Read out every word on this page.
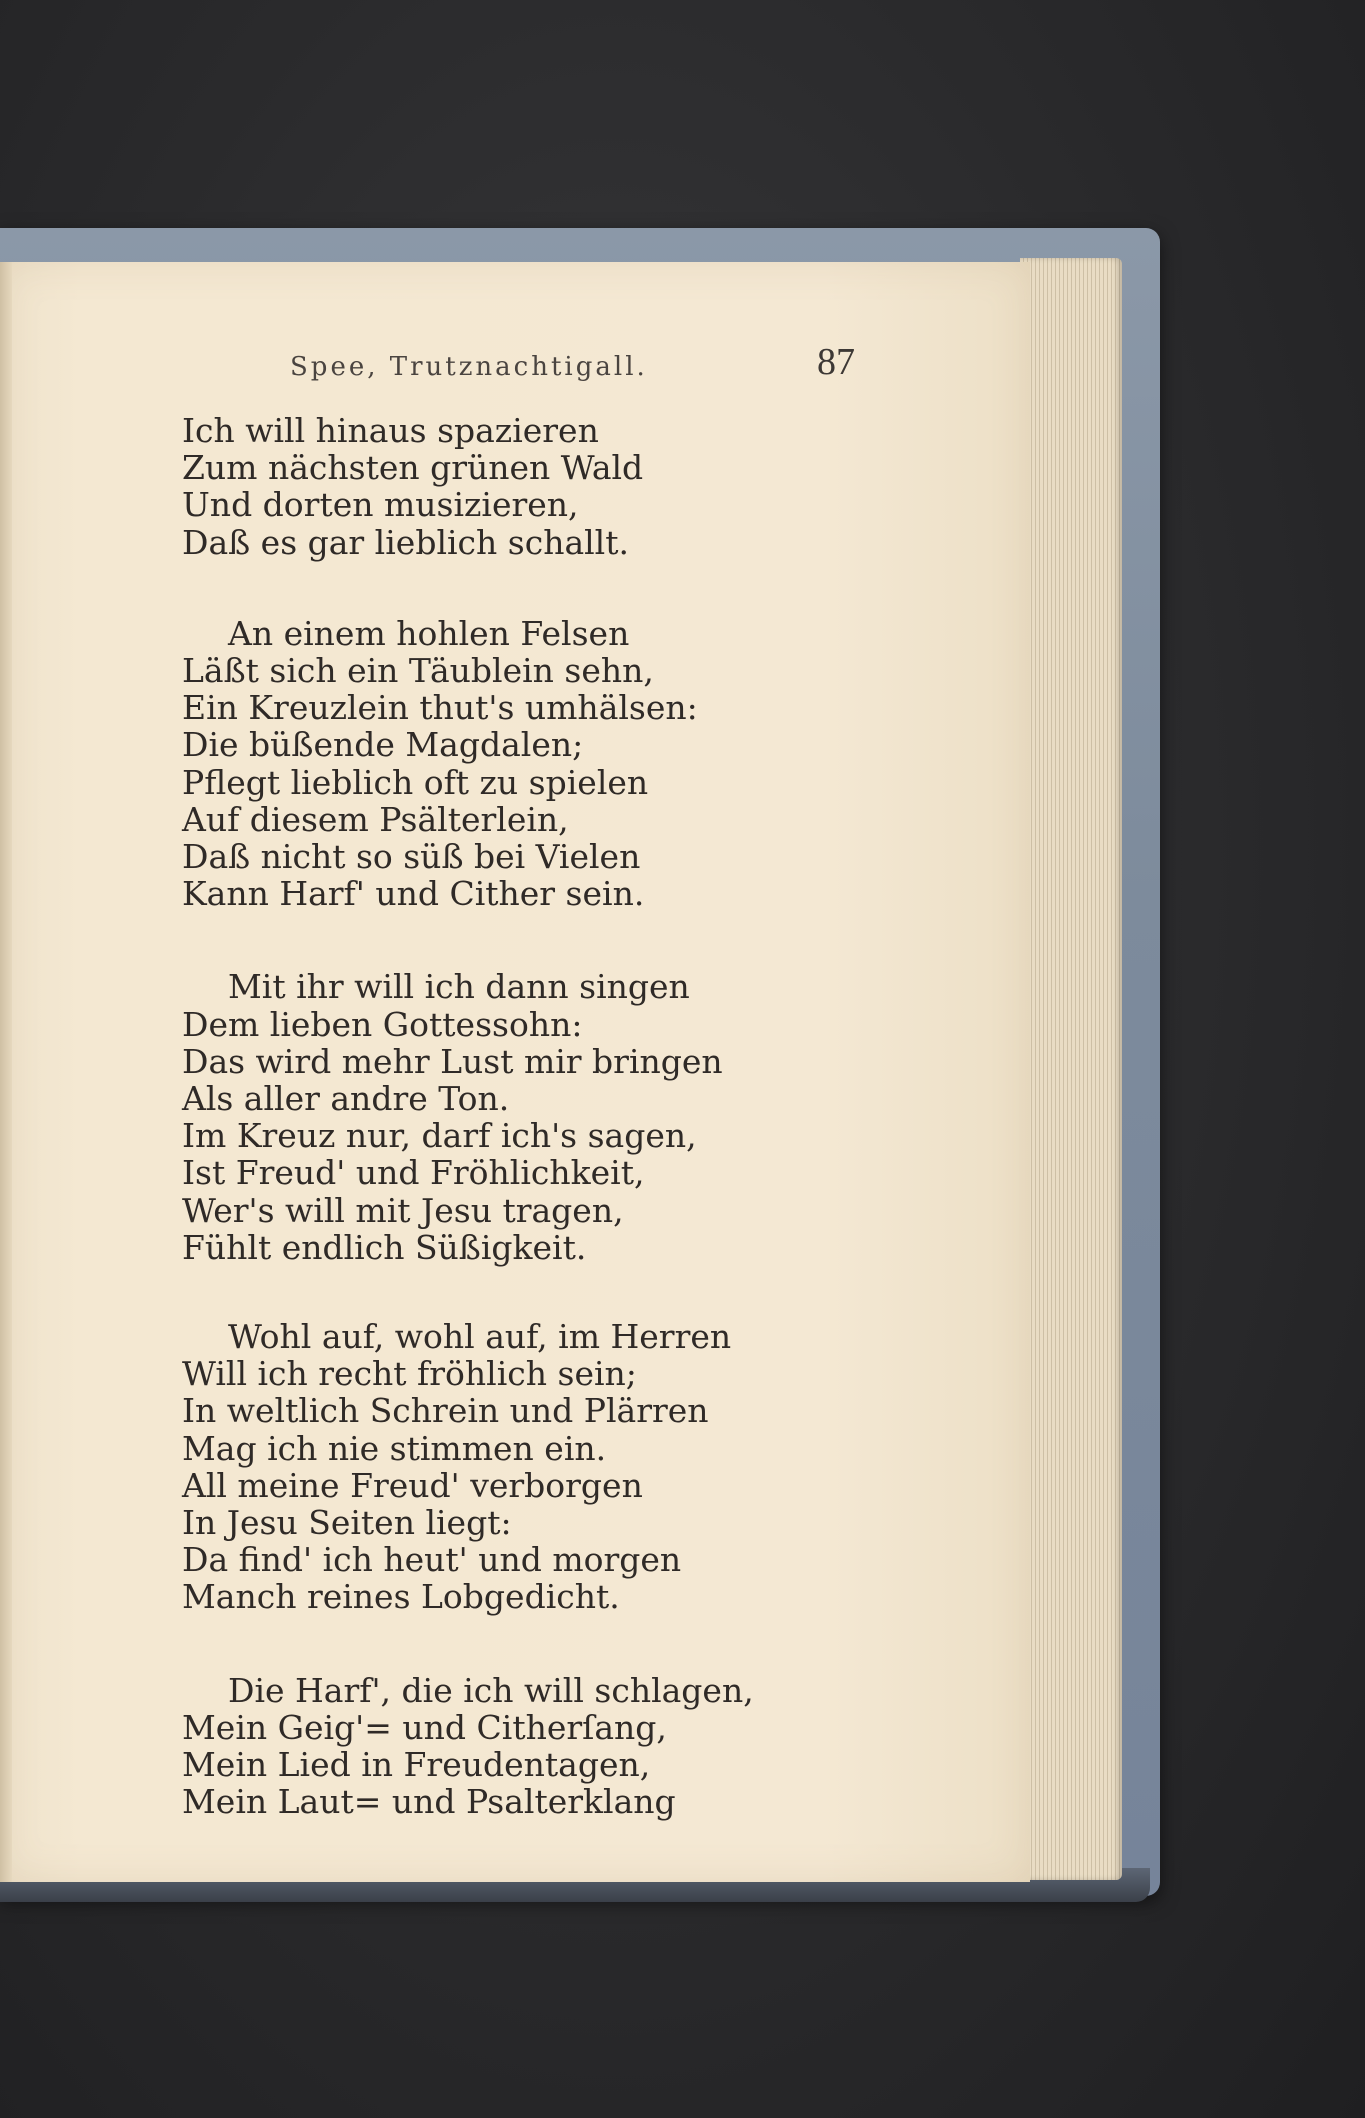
Spee, Trutznachtigall.	87
Ich will hinaus spazieren
Zum nächsten grünen Wald
Und dorten musizieren,
Daß es gar lieblich schallt.
An einem hohlen Felsen
Läßt sich ein Täublein sehn,
Ein Kreuzlein thut's umhälsen:
Die büßende Magdalen;
Pflegt lieblich oft zu spielen
Auf diesem Psälterlein,
Daß nicht so süß bei Vielen
Kann Harf' und Cither sein.
Mit ihr will ich dann singen
Dem lieben Gottessohn:
Das wird mehr Lust mir bringen
Als aller andre Ton.
Im Kreuz nur, darf ich's sagen,
Ist Freud' und Fröhlichkeit,
Wer's will mit Jesu tragen,
Fühlt endlich Süßigkeit.
Wohl auf, wohl auf, im Herren
Will ich recht fröhlich sein;
In weltlich Schrein und Plärren
Mag ich nie stimmen ein.
All meine Freud' verborgen
In Jesu Seiten liegt:
Da find' ich heut' und morgen
Manch reines Lobgedicht.
Die Harf', die ich will schlagen,
Mein Geig'= und Citherſang,
Mein Lied in Freudentagen,
Mein Laut= und Psalterklang
